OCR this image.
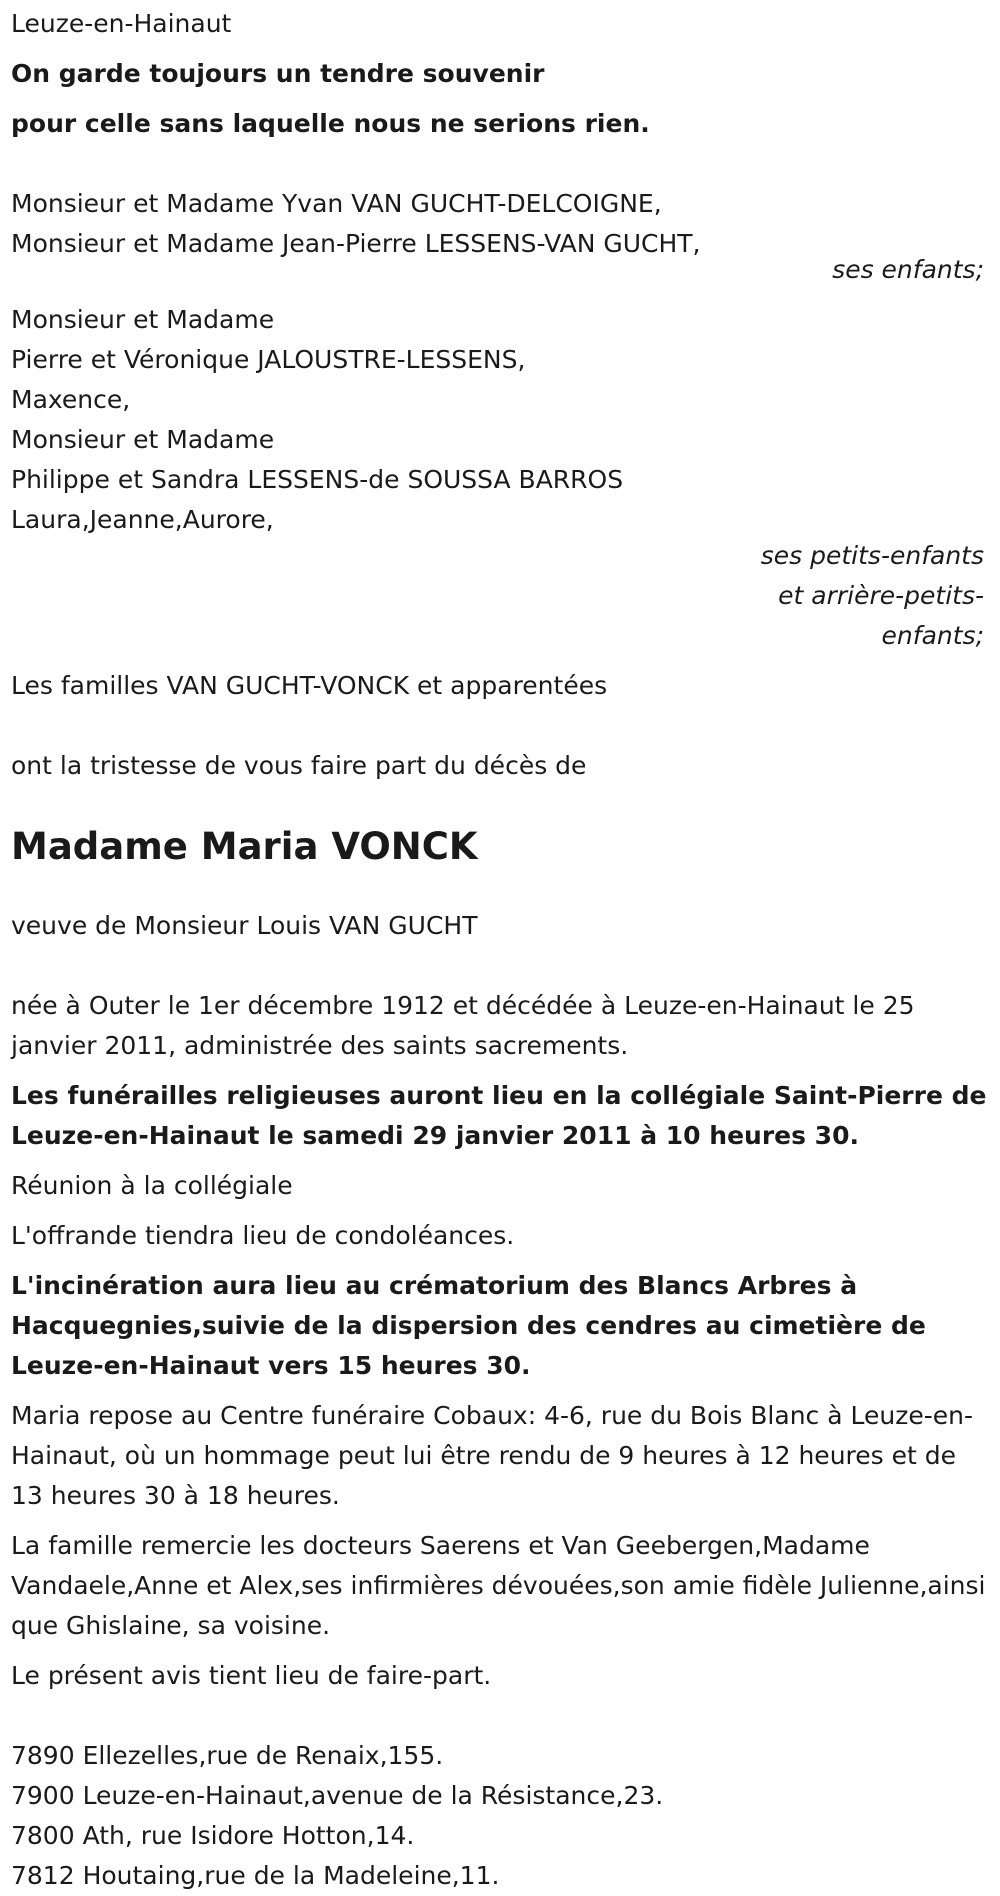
Leuze-en-Hainaut
On garde toujours un tendre souvenir
pour celle sans laquelle nous ne serions rien.
Monsieur et Madame Yvan VAN GUCHT-DELCOIGNE,
Monsieur et Madame Jean-Pierre LESSENS-VAN GUCHT,
ses enfants;
Monsieur et Madame
Pierre et Véronique JALOUSTRE-LESSENS,
Maxence,
Monsieur et Madame
Philippe et Sandra LESSENS-de SOUSSA BARROS
Laura,Jeanne,Aurore,
ses petits-enfants
et arrière-petits-
enfants;
Les familles VAN GUCHT-VONCK et apparentées
ont la tristesse de vous faire part du décès de
Madame Maria VONCK
veuve de Monsieur Louis VAN GUCHT

née à Outer le 1er décembre 1912 et décédée à Leuze-en-Hainaut le 25 janvier 2011, administrée des saints sacrements.

Les funérailles religieuses auront lieu en la collégiale Saint-Pierre de Leuze-en-Hainaut le samedi 29 janvier 2011 à 10 heures 30.

Réunion à la collégiale

L'offrande tiendra lieu de condoléances.

L'incinération aura lieu au crématorium des Blancs Arbres à Hacquegnies,suivie de la dispersion des cendres au cimetière de Leuze-en-Hainaut vers 15 heures 30.

Maria repose au Centre funéraire Cobaux: 4-6, rue du Bois Blanc à Leuze-en-Hainaut, où un hommage peut lui être rendu de 9 heures à 12 heures et de 13 heures 30 à 18 heures.

La famille remercie les docteurs Saerens et Van Geebergen,Madame Vandaele,Anne et Alex,ses infirmières dévouées,son amie fidèle Julienne,ainsi que Ghislaine, sa voisine.

Le présent avis tient lieu de faire-part.

7890 Ellezelles,rue de Renaix,155.
7900 Leuze-en-Hainaut,avenue de la Résistance,23.
7800 Ath, rue Isidore Hotton,14.
7812 Houtaing,rue de la Madeleine,11.
